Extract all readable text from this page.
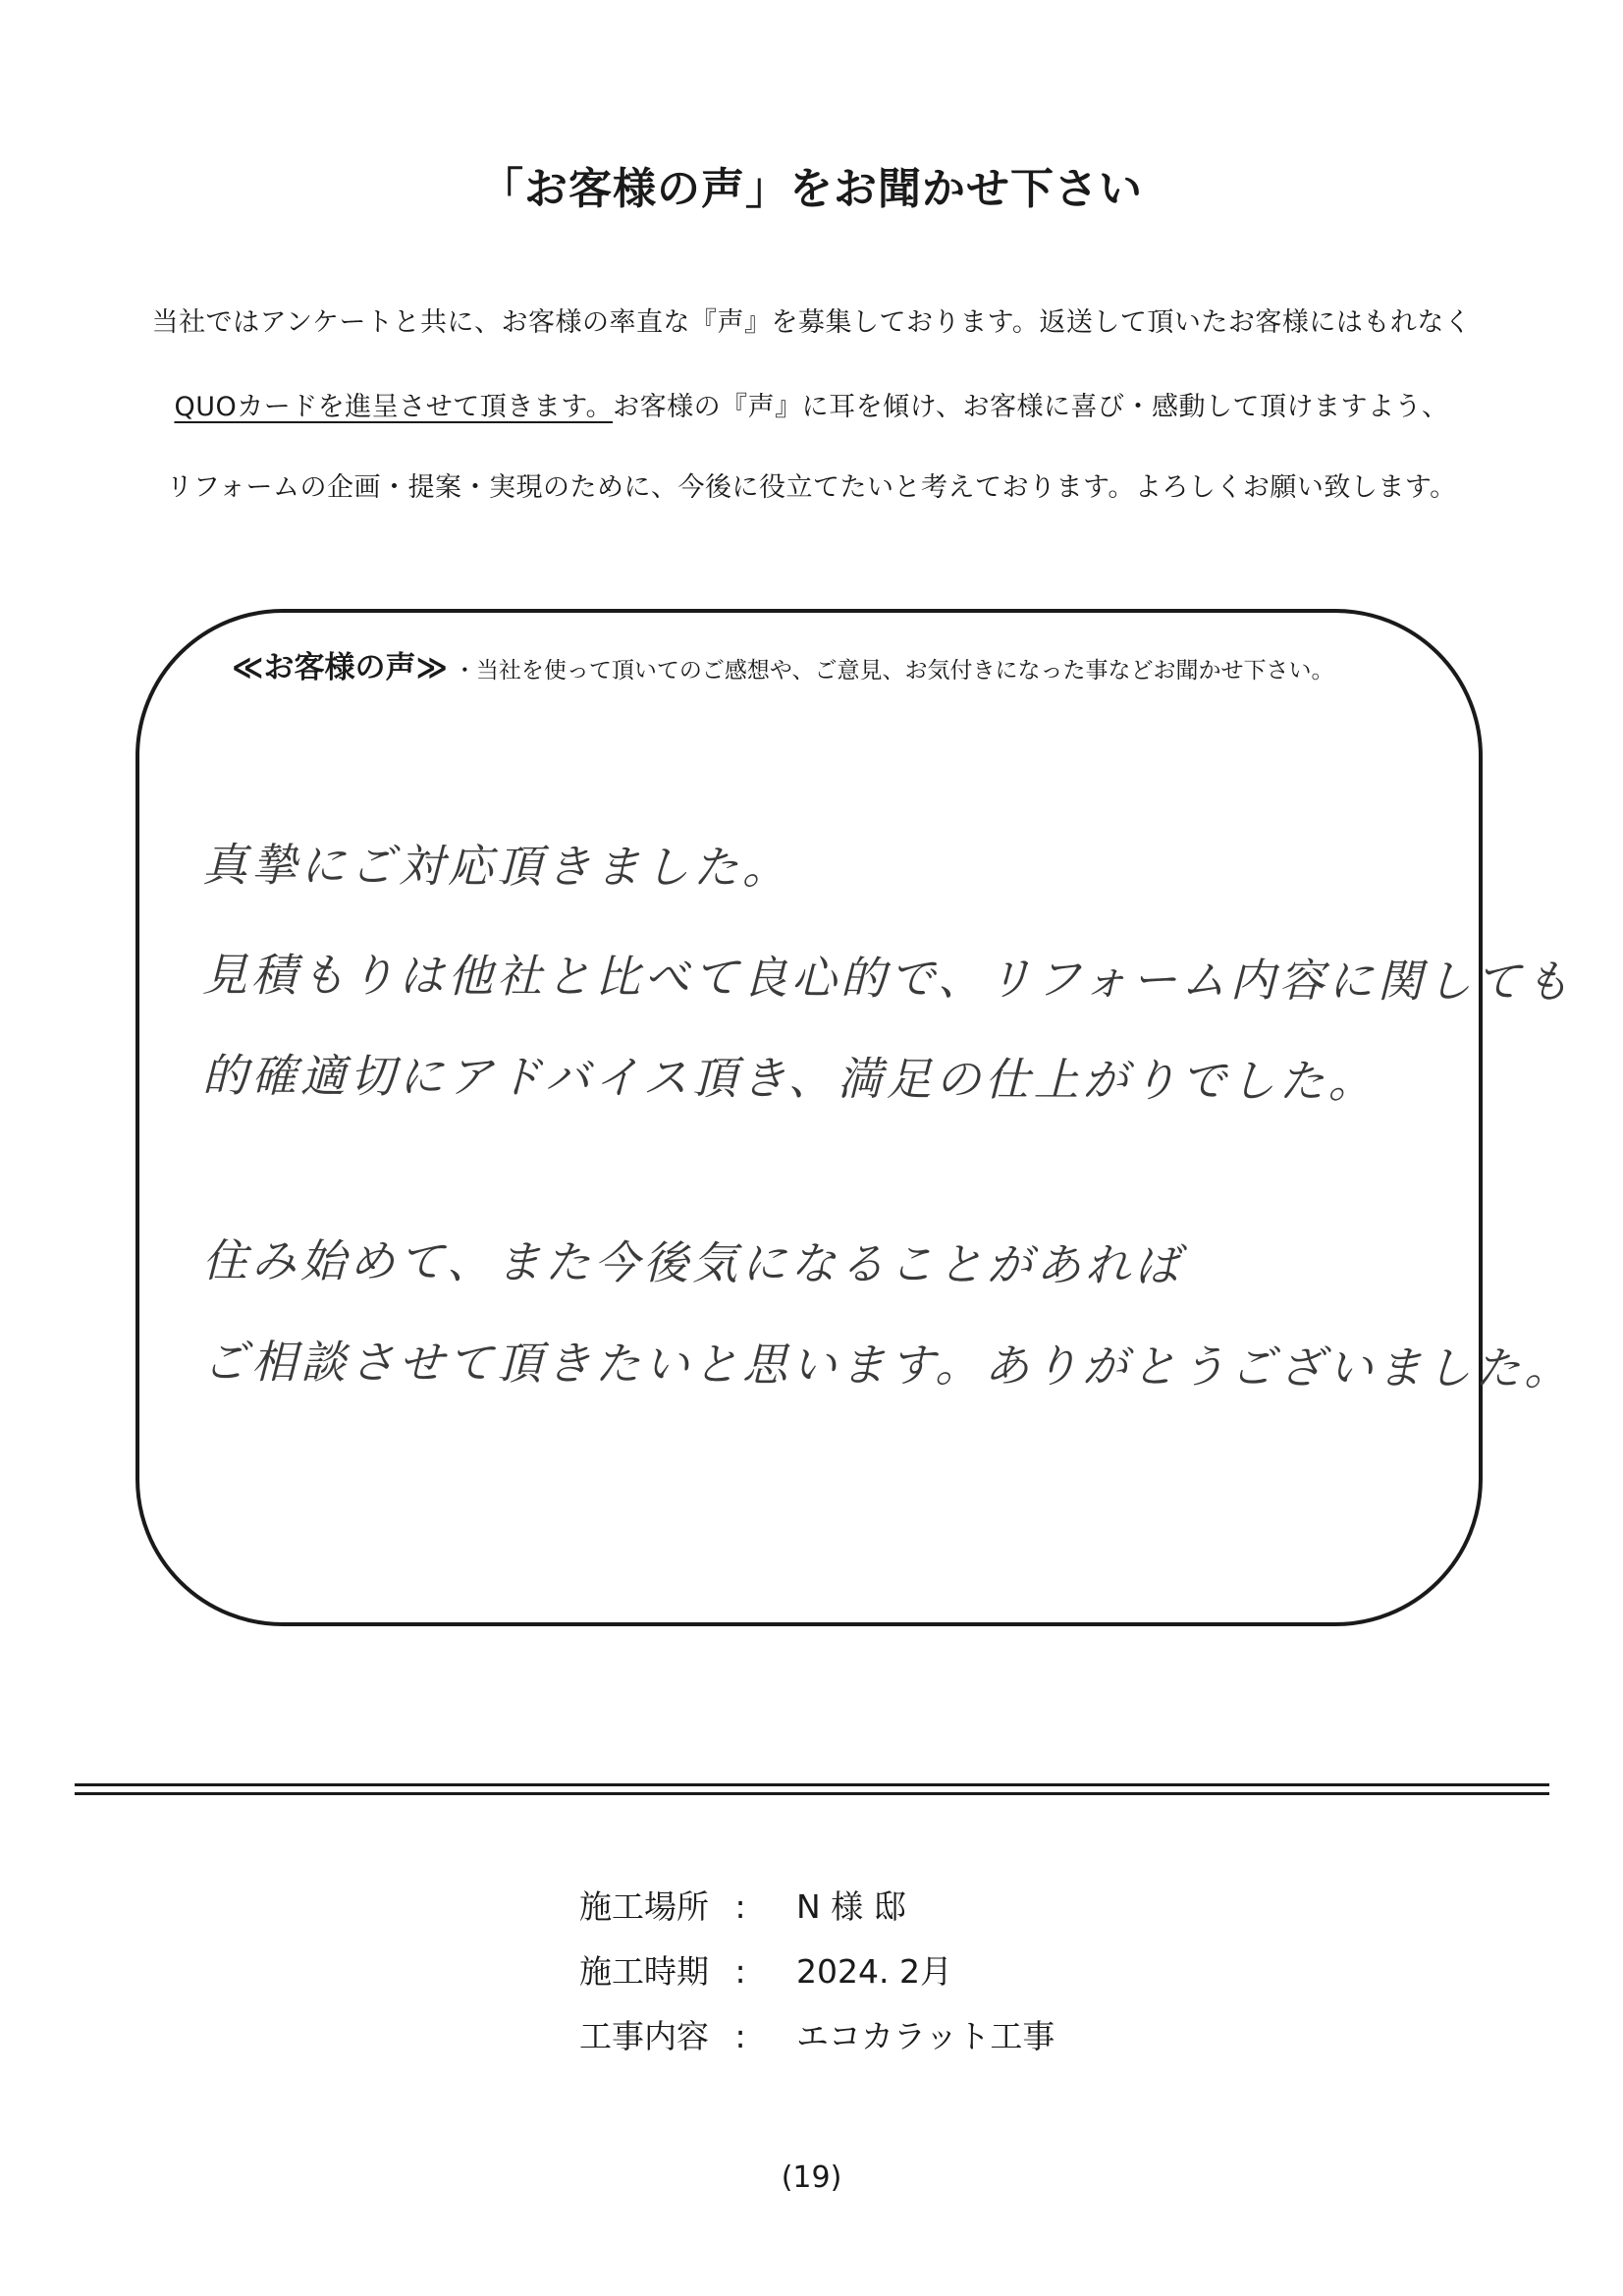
「お客様の声」をお聞かせ下さい
当社ではアンケートと共に、お客様の率直な『声』を募集しております。返送して頂いたお客様にはもれなく
QUOカードを進呈させて頂きます。お客様の『声』に耳を傾け、お客様に喜び・感動して頂けますよう、
リフォームの企画・提案・実現のために、今後に役立てたいと考えております。よろしくお願い致します。
≪お客様の声≫ ・当社を使って頂いてのご感想や、ご意見、お気付きになった事などお聞かせ下さい。
真摯にご対応頂きました。
見積もりは他社と比べて良心的で、リフォーム内容に関しても
的確適切にアドバイス頂き、満足の仕上がりでした。
住み始めて、また今後気になることがあれば
ご相談させて頂きたいと思います。ありがとうございました。
施工場所 : N 様 邸
施工時期 : 2024. 2月
工事内容 : エコカラット工事
(19)
